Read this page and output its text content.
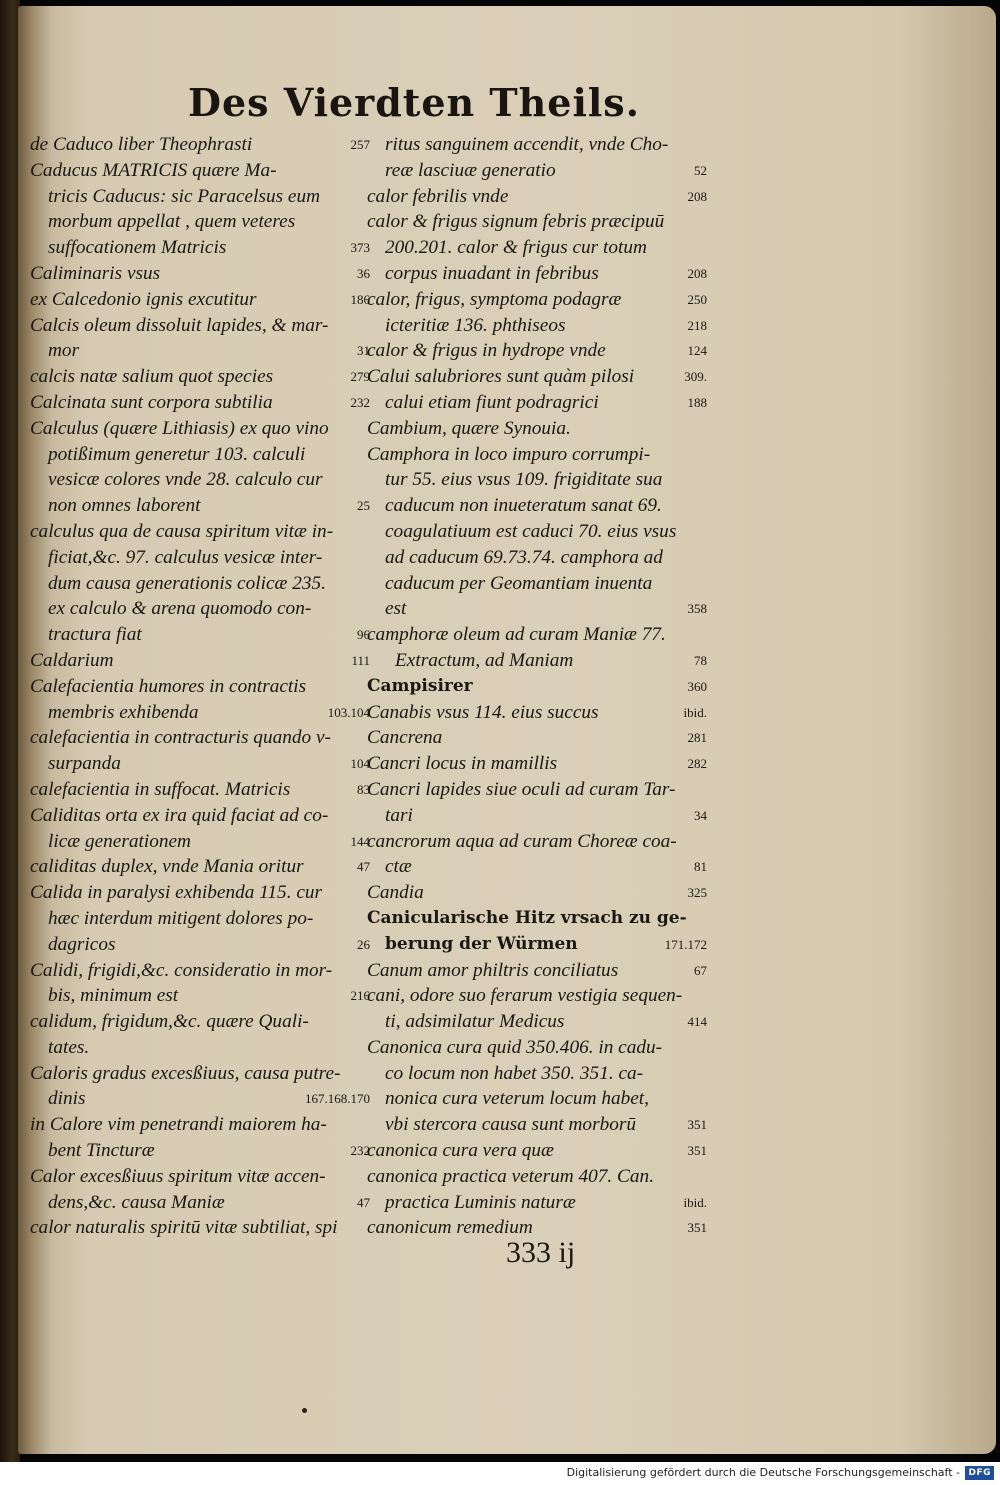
Des Vierdten Theils.
de Caduco liber Theophrasti	257
Caducus MATRICIS quære Ma-
tricis Caducus: sic Paracelsus eum
morbum appellat , quem veteres
suffocationem Matricis	373
Caliminaris vsus	36
ex Calcedonio ignis excutitur	186
Calcis oleum dissoluit lapides, & mar-
mor	31
calcis natæ salium quot species	279
Calcinata sunt corpora subtilia	232
Calculus (quære Lithiasis) ex quo vino
potißimum generetur 103. calculi
vesicæ colores vnde 28. calculo cur
non omnes laborent	25
calculus qua de causa spiritum vitæ in-
ficiat,&c. 97. calculus vesicæ inter-
dum causa generationis colicæ 235.
ex calculo & arena quomodo con-
tractura fiat	96
Caldarium	111
Calefacientia humores in contractis
membris exhibenda	103.104
calefacientia in contracturis quando v-
surpanda	104
calefacientia in suffocat. Matricis	83
Caliditas orta ex ira quid faciat ad co-
licæ generationem	144
caliditas duplex, vnde Mania oritur	47
Calida in paralysi exhibenda 115. cur
hæc interdum mitigent dolores po-
dagricos	26
Calidi, frigidi,&c. consideratio in mor-
bis, minimum est	216
calidum, frigidum,&c. quære Quali-
tates.
Caloris gradus excesßiuus, causa putre-
dinis	167.168.170
in Calore vim penetrandi maiorem ha-
bent Tincturæ	232
Calor excesßiuus spiritum vitæ accen-
dens,&c. causa Maniæ	47
calor naturalis spiritū vitæ subtiliat, spi
ritus sanguinem accendit, vnde Cho-
reæ lasciuæ generatio	52
calor febrilis vnde	208
calor & frigus signum febris præcipuū
200.201. calor & frigus cur totum
corpus inuadant in febribus	208
calor, frigus, symptoma podagræ	250
icteritiæ 136. phthiseos	218
calor & frigus in hydrope vnde	124
Calui salubriores sunt quàm pilosi	309.
calui etiam fiunt podragrici	188
Cambium, quære Synouia.
Camphora in loco impuro corrumpi-
tur 55. eius vsus 109. frigiditate sua
caducum non inueteratum sanat 69.
coagulatiuum est caduci 70. eius vsus
ad caducum 69.73.74. camphora ad
caducum per Geomantiam inuenta
est	358
camphoræ oleum ad curam Maniæ 77.
Extractum, ad Maniam	78
Campisirer	360
Canabis vsus 114. eius succus	ibid.
Cancrena	281
Cancri locus in mamillis	282
Cancri lapides siue oculi ad curam Tar-
tari	34
cancrorum aqua ad curam Choreæ coa-
ctæ	81
Candia	325
Canicularische Hitz vrsach zu ge-
berung der Würmen	171.172
Canum amor philtris conciliatus	67
cani, odore suo ferarum vestigia sequen-
ti, adsimilatur Medicus	414
Canonica cura quid 350.406. in cadu-
co locum non habet 350. 351. ca-
nonica cura veterum locum habet,
vbi stercora causa sunt morborū	351
canonica cura vera quæ	351
canonica practica veterum 407. Can.
practica Luminis naturæ	ibid.
canonicum remedium	351
333 ij
Digitalisierung gefördert durch die Deutsche Forschungsgemeinschaft - DFG
